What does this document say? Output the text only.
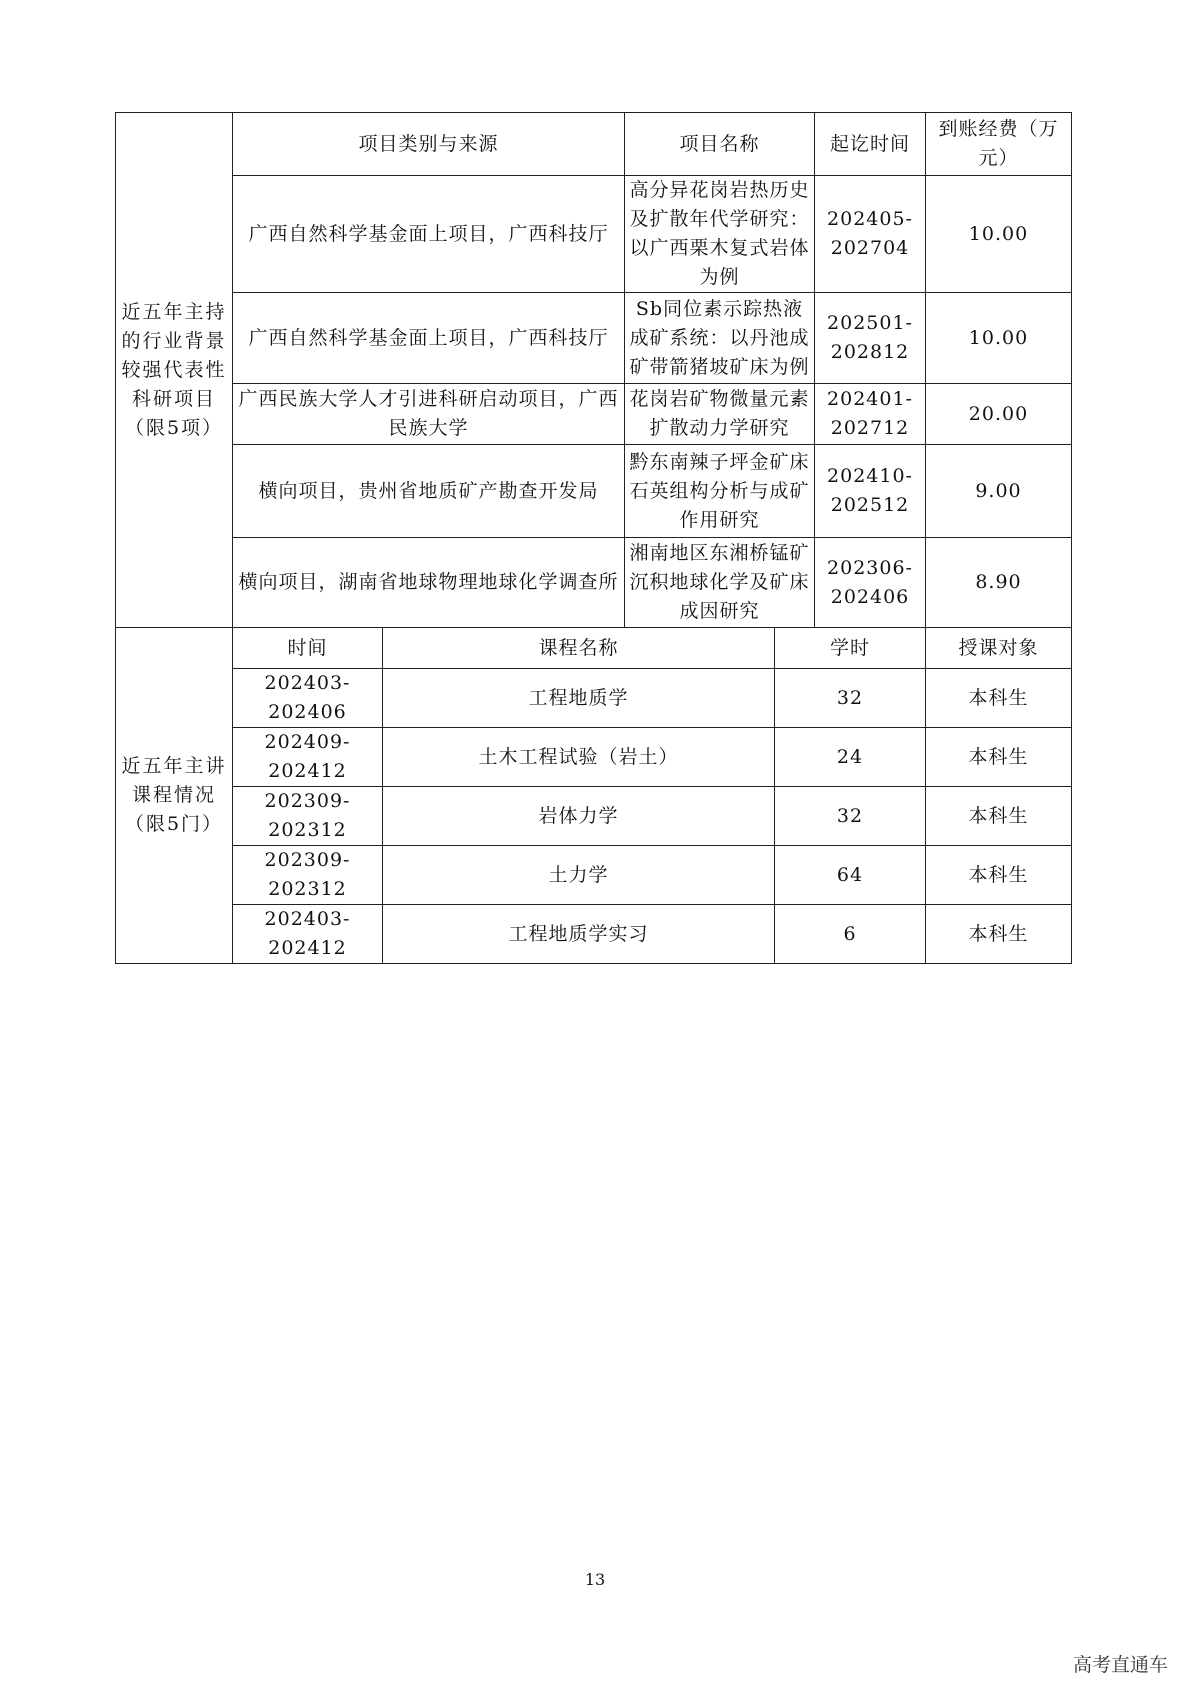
近五年主持的行业背景较强代表性科研项目（限5项）	项目类别与来源		项目名称		起讫时间	到账经费（万元）
	广西自然科学基金面上项目，广西科技厅		高分异花岗岩热历史及扩散年代学研究：以广西栗木复式岩体为例		202405-202704	10.00
	广西自然科学基金面上项目，广西科技厅		Sb同位素示踪热液成矿系统：以丹池成矿带箭猪坡矿床为例		202501-202812	10.00
	广西民族大学人才引进科研启动项目，广西民族大学		花岗岩矿物微量元素扩散动力学研究		202401-202712	20.00
	横向项目，贵州省地质矿产勘查开发局		黔东南辣子坪金矿床石英组构分析与成矿作用研究		202410-202512	9.00
	横向项目，湖南省地球物理地球化学调查所		湘南地区东湘桥锰矿沉积地球化学及矿床成因研究		202306-202406	8.90
近五年主讲课程情况（限5门）	时间	课程名称		学时		授课对象
	202403-202406	工程地质学		32		本科生
	202409-202412	土木工程试验（岩土）		24		本科生
	202309-202312	岩体力学		32		本科生
	202309-202312	土力学		64		本科生
	202403-202412	工程地质学实习		6		本科生
13
高考直通车
